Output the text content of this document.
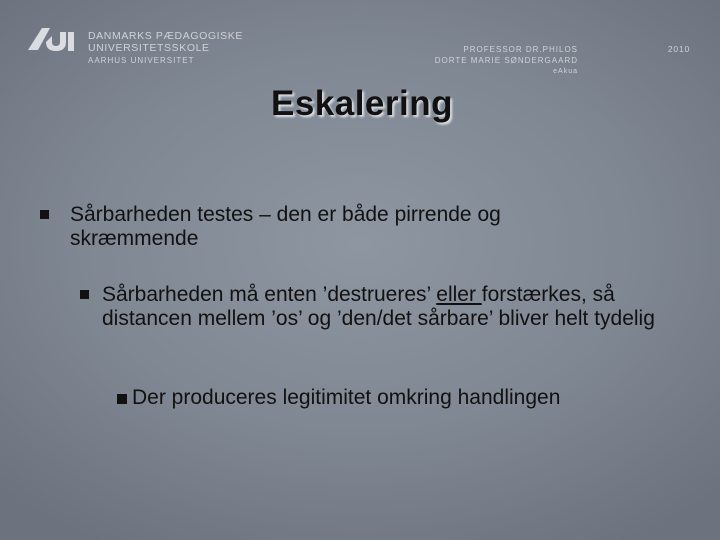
DANMARKS PÆDAGOGISKE
UNIVERSITETSSKOLE
AARHUS UNIVERSITET
PROFESSOR DR.PHILOS
DORTE MARIE SØNDERGAARD
eAkua
2010
Eskalering
Sårbarheden testes – den er både pirrende og skræmmende
Sårbarheden må enten ’destrueres’ eller forstærkes, så distancen mellem ’os’ og ’den/det sårbare’ bliver helt tydelig
Der produceres legitimitet omkring handlingen
